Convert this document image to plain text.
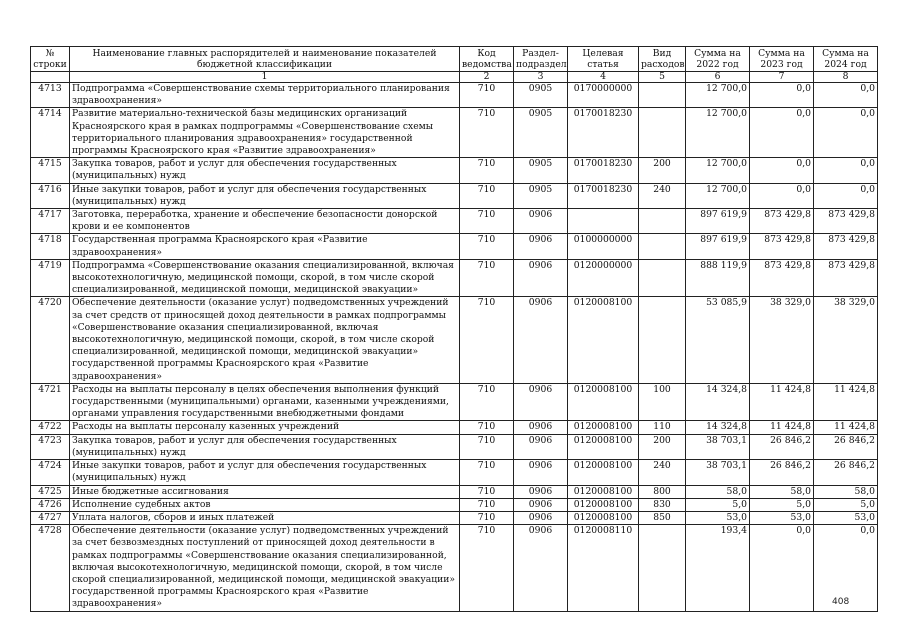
№ строки	Наименование главных распорядителей и наименование показателей бюджетной классификации	Код ведомства	Раздел-подраздел	Целевая статья	Вид расходов	Сумма на 2022 год	Сумма на 2023 год	Сумма на 2024 год
	1	2	3	4	5	6	7	8
4713	Подпрограмма «Совершенствование схемы территориального планирования здравоохранения»	710	0905	0170000000		12 700,0	0,0	0,0
4714	Развитие материально-технической базы медицинских организаций Красноярского края в рамках подпрограммы «Совершенствование схемы территориального планирования здравоохранения» государственной программы Красноярского края «Развитие здравоохранения»	710	0905	0170018230		12 700,0	0,0	0,0
4715	Закупка товаров, работ и услуг для обеспечения государственных (муниципальных) нужд	710	0905	0170018230	200	12 700,0	0,0	0,0
4716	Иные закупки товаров, работ и услуг для обеспечения государственных (муниципальных) нужд	710	0905	0170018230	240	12 700,0	0,0	0,0
4717	Заготовка, переработка, хранение и обеспечение безопасности донорской крови и ее компонентов	710	0906			897 619,9	873 429,8	873 429,8
4718	Государственная программа Красноярского края «Развитие здравоохранения»	710	0906	0100000000		897 619,9	873 429,8	873 429,8
4719	Подпрограмма «Совершенствование оказания специализированной, включая высокотехнологичную, медицинской помощи, скорой, в том числе скорой специализированной, медицинской помощи, медицинской эвакуации»	710	0906	0120000000		888 119,9	873 429,8	873 429,8
4720	Обеспечение деятельности (оказание услуг) подведомственных учреждений за счет средств от приносящей доход деятельности в рамках подпрограммы «Совершенствование оказания специализированной, включая высокотехнологичную, медицинской помощи, скорой, в том числе скорой специализированной, медицинской помощи, медицинской эвакуации» государственной программы Красноярского края «Развитие здравоохранения»	710	0906	0120008100		53 085,9	38 329,0	38 329,0
4721	Расходы на выплаты персоналу в целях обеспечения выполнения функций государственными (муниципальными) органами, казенными учреждениями, органами управления государственными внебюджетными фондами	710	0906	0120008100	100	14 324,8	11 424,8	11 424,8
4722	Расходы на выплаты персоналу казенных учреждений	710	0906	0120008100	110	14 324,8	11 424,8	11 424,8
4723	Закупка товаров, работ и услуг для обеспечения государственных (муниципальных) нужд	710	0906	0120008100	200	38 703,1	26 846,2	26 846,2
4724	Иные закупки товаров, работ и услуг для обеспечения государственных (муниципальных) нужд	710	0906	0120008100	240	38 703,1	26 846,2	26 846,2
4725	Иные бюджетные ассигнования	710	0906	0120008100	800	58,0	58,0	58,0
4726	Исполнение судебных актов	710	0906	0120008100	830	5,0	5,0	5,0
4727	Уплата налогов, сборов и иных платежей	710	0906	0120008100	850	53,0	53,0	53,0
4728	Обеспечение деятельности (оказание услуг) подведомственных учреждений за счет безвозмездных поступлений от приносящей доход деятельности в рамках подпрограммы «Совершенствование оказания специализированной, включая высокотехнологичную, медицинской помощи, скорой, в том числе скорой специализированной, медицинской помощи, медицинской эвакуации» государственной программы Красноярского края «Развитие здравоохранения»	710	0906	0120008110		193,4	0,0	0,0
408
